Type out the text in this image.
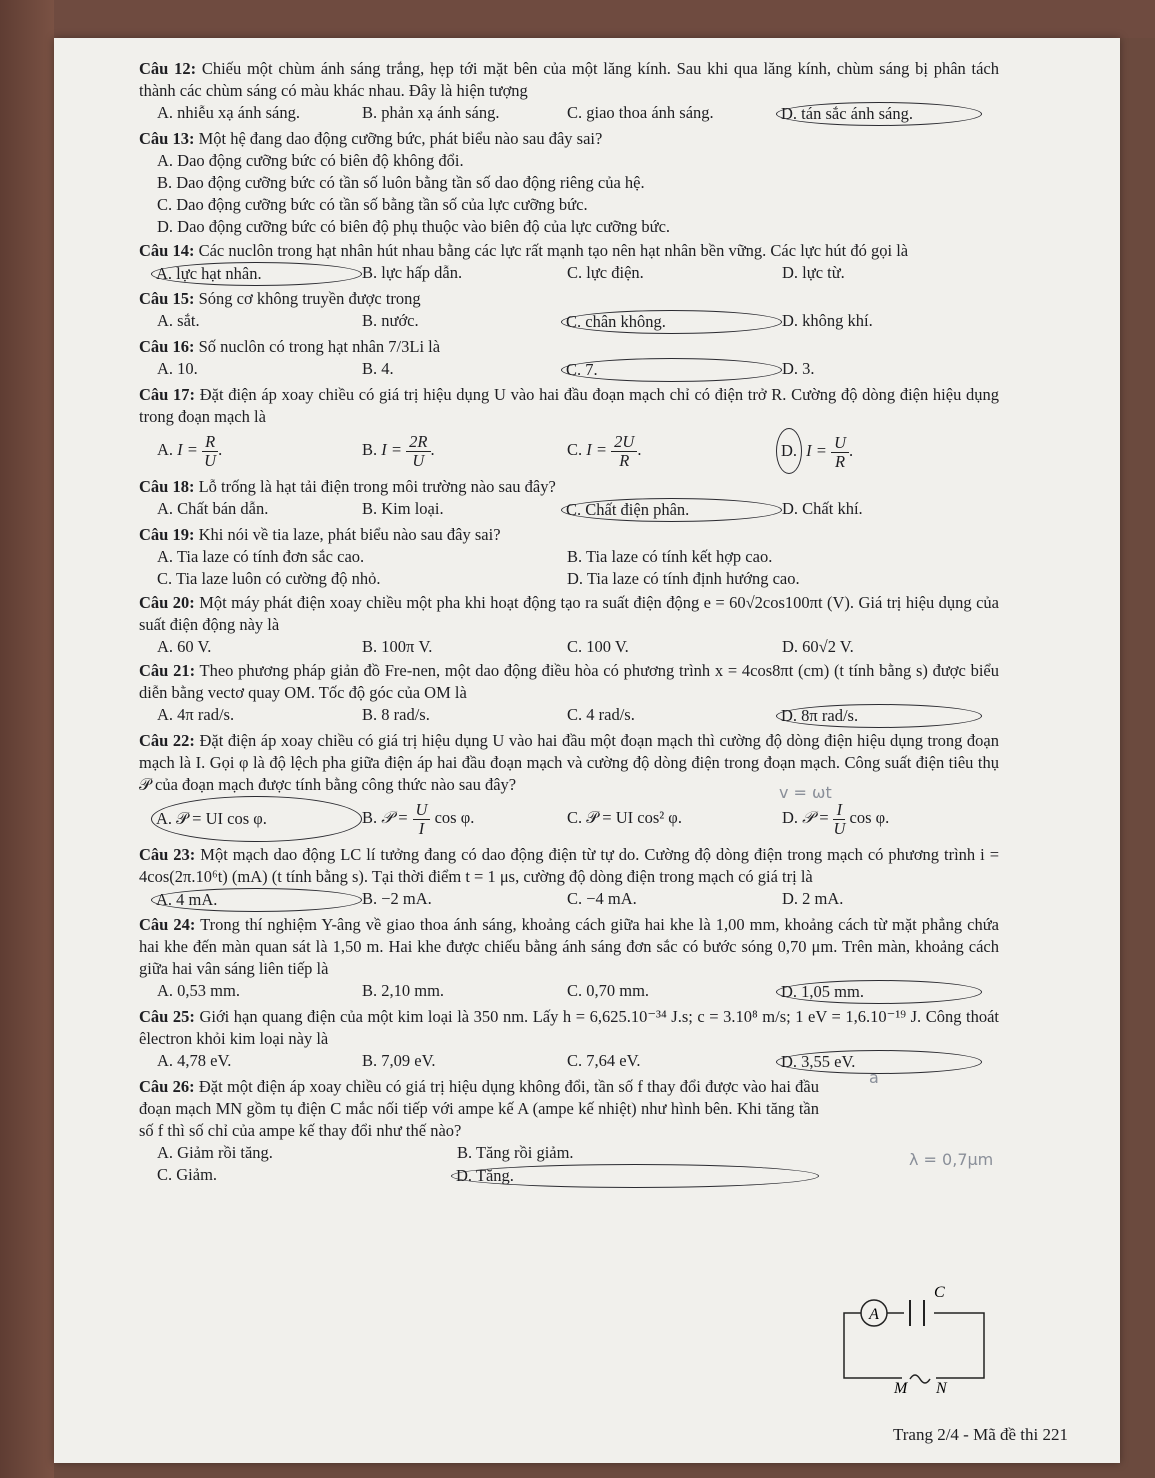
Câu 12: Chiếu một chùm ánh sáng trắng, hẹp tới mặt bên của một lăng kính. Sau khi qua lăng kính, chùm sáng bị phân tách thành các chùm sáng có màu khác nhau. Đây là hiện tượng

A. nhiễu xạ ánh sáng.	B. phản xạ ánh sáng.	C. giao thoa ánh sáng.	D. tán sắc ánh sáng.

Câu 13: Một hệ đang dao động cưỡng bức, phát biểu nào sau đây sai?

A. Dao động cưỡng bức có biên độ không đổi.
B. Dao động cưỡng bức có tần số luôn bằng tần số dao động riêng của hệ.
C. Dao động cưỡng bức có tần số bằng tần số của lực cưỡng bức.
D. Dao động cưỡng bức có biên độ phụ thuộc vào biên độ của lực cưỡng bức.

Câu 14: Các nuclôn trong hạt nhân hút nhau bằng các lực rất mạnh tạo nên hạt nhân bền vững. Các lực hút đó gọi là

A. lực hạt nhân.	B. lực hấp dẫn.	C. lực điện.	D. lực từ.

Câu 15: Sóng cơ không truyền được trong

A. sắt.	B. nước.	C. chân không.	D. không khí.

Câu 16: Số nuclôn có trong hạt nhân 7/3Li là

A. 10.	B. 4.	C. 7.	D. 3.

Câu 17: Đặt điện áp xoay chiều có giá trị hiệu dụng U vào hai đầu đoạn mạch chỉ có điện trở R. Cường độ dòng điện hiệu dụng trong đoạn mạch là

A. $I = \frac{R}{U}$ .	B. $I = \frac{2R}{U}$ .	C. $I = \frac{2U}{R}$ .	D. $I = \frac{U}{R}$ .

Câu 18: Lỗ trống là hạt tải điện trong môi trường nào sau đây?

A. Chất bán dẫn.	B. Kim loại.	C. Chất điện phân.	D. Chất khí.

Câu 19: Khi nói về tia laze, phát biểu nào sau đây sai?

A. Tia laze có tính đơn sắc cao.	B. Tia laze có tính kết hợp cao.
C. Tia laze luôn có cường độ nhỏ.	D. Tia laze có tính định hướng cao.

Câu 20: Một máy phát điện xoay chiều một pha khi hoạt động tạo ra suất điện động e = 60√2cos100πt (V). Giá trị hiệu dụng của suất điện động này là

A. 60 V.	B. 100π V.	C. 100 V.	D. 60√2 V.

Câu 21: Theo phương pháp giản đồ Fre-nen, một dao động điều hòa có phương trình x = 4cos8πt (cm) (t tính bằng s) được biểu diễn bằng vectơ quay OM. Tốc độ góc của OM là

A. 4π rad/s.	B. 8 rad/s.	C. 4 rad/s.	D. 8π rad/s.

Câu 22: Đặt điện áp xoay chiều có giá trị hiệu dụng U vào hai đầu một đoạn mạch thì cường độ dòng điện hiệu dụng trong đoạn mạch là I. Gọi φ là độ lệch pha giữa điện áp hai đầu đoạn mạch và cường độ dòng điện trong đoạn mạch. Công suất điện tiêu thụ 𝒫 của đoạn mạch được tính bằng công thức nào sau đây?

A. 𝒫 = UI cos φ.	B. 𝒫 = $\frac{U}{I}$ cos φ.	C. 𝒫 = UI cos² φ.	D. 𝒫 = $\frac{I}{U}$ cos φ.

Câu 23: Một mạch dao động LC lí tưởng đang có dao động điện từ tự do. Cường độ dòng điện trong mạch có phương trình i = 4cos(2π.10⁶t) (mA) (t tính bằng s). Tại thời điểm t = 1 μs, cường độ dòng điện trong mạch có giá trị là

A. 4 mA.	B. −2 mA.	C. −4 mA.	D. 2 mA.

Câu 24: Trong thí nghiệm Y-âng về giao thoa ánh sáng, khoảng cách giữa hai khe là 1,00 mm, khoảng cách từ mặt phẳng chứa hai khe đến màn quan sát là 1,50 m. Hai khe được chiếu bằng ánh sáng đơn sắc có bước sóng 0,70 μm. Trên màn, khoảng cách giữa hai vân sáng liên tiếp là

A. 0,53 mm.	B. 2,10 mm.	C. 0,70 mm.	D. 1,05 mm.

Câu 25: Giới hạn quang điện của một kim loại là 350 nm. Lấy h = 6,625.10⁻³⁴ J.s; c = 3.10⁸ m/s; 1 eV = 1,6.10⁻¹⁹ J. Công thoát êlectron khỏi kim loại này là

A. 4,78 eV.	B. 7,09 eV.	C. 7,64 eV.	D. 3,55 eV.

Câu 26: Đặt một điện áp xoay chiều có giá trị hiệu dụng không đổi, tần số f thay đổi được vào hai đầu đoạn mạch MN gồm tụ điện C mắc nối tiếp với ampe kế A (ampe kế nhiệt) như hình bên. Khi tăng tần số f thì số chỉ của ampe kế thay đổi như thế nào?

A. Giảm rồi tăng.	B. Tăng rồi giảm.
C. Giảm.	D. Tăng.
A
C
M N
v = ωt
a
λ = 0,7μm
Trang 2/4 - Mã đề thi 221
